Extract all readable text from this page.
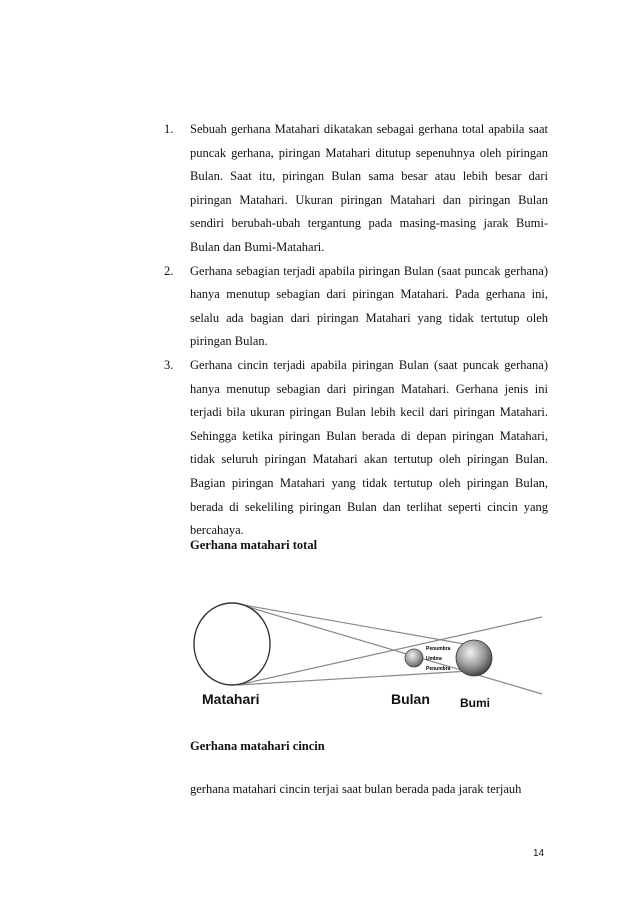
1. Sebuah gerhana Matahari dikatakan sebagai gerhana total apabila saat puncak gerhana, piringan Matahari ditutup sepenuhnya oleh piringan Bulan. Saat itu, piringan Bulan sama besar atau lebih besar dari piringan Matahari. Ukuran piringan Matahari dan piringan Bulan sendiri berubah-ubah tergantung pada masing-masing jarak Bumi-Bulan dan Bumi-Matahari.
2. Gerhana sebagian terjadi apabila piringan Bulan (saat puncak gerhana) hanya menutup sebagian dari piringan Matahari. Pada gerhana ini, selalu ada bagian dari piringan Matahari yang tidak tertutup oleh piringan Bulan.
3. Gerhana cincin terjadi apabila piringan Bulan (saat puncak gerhana) hanya menutup sebagian dari piringan Matahari. Gerhana jenis ini terjadi bila ukuran piringan Bulan lebih kecil dari piringan Matahari. Sehingga ketika piringan Bulan berada di depan piringan Matahari, tidak seluruh piringan Matahari akan tertutup oleh piringan Bulan. Bagian piringan Matahari yang tidak tertutup oleh piringan Bulan, berada di sekeliling piringan Bulan dan terlihat seperti cincin yang bercahaya.

Gerhana matahari total

Penumbra
Umbra
Penumbra
Matahari	Bulan	Bumi

Gerhana matahari cincin

gerhana matahari cincin terjai saat bulan berada pada jarak terjauh

14
